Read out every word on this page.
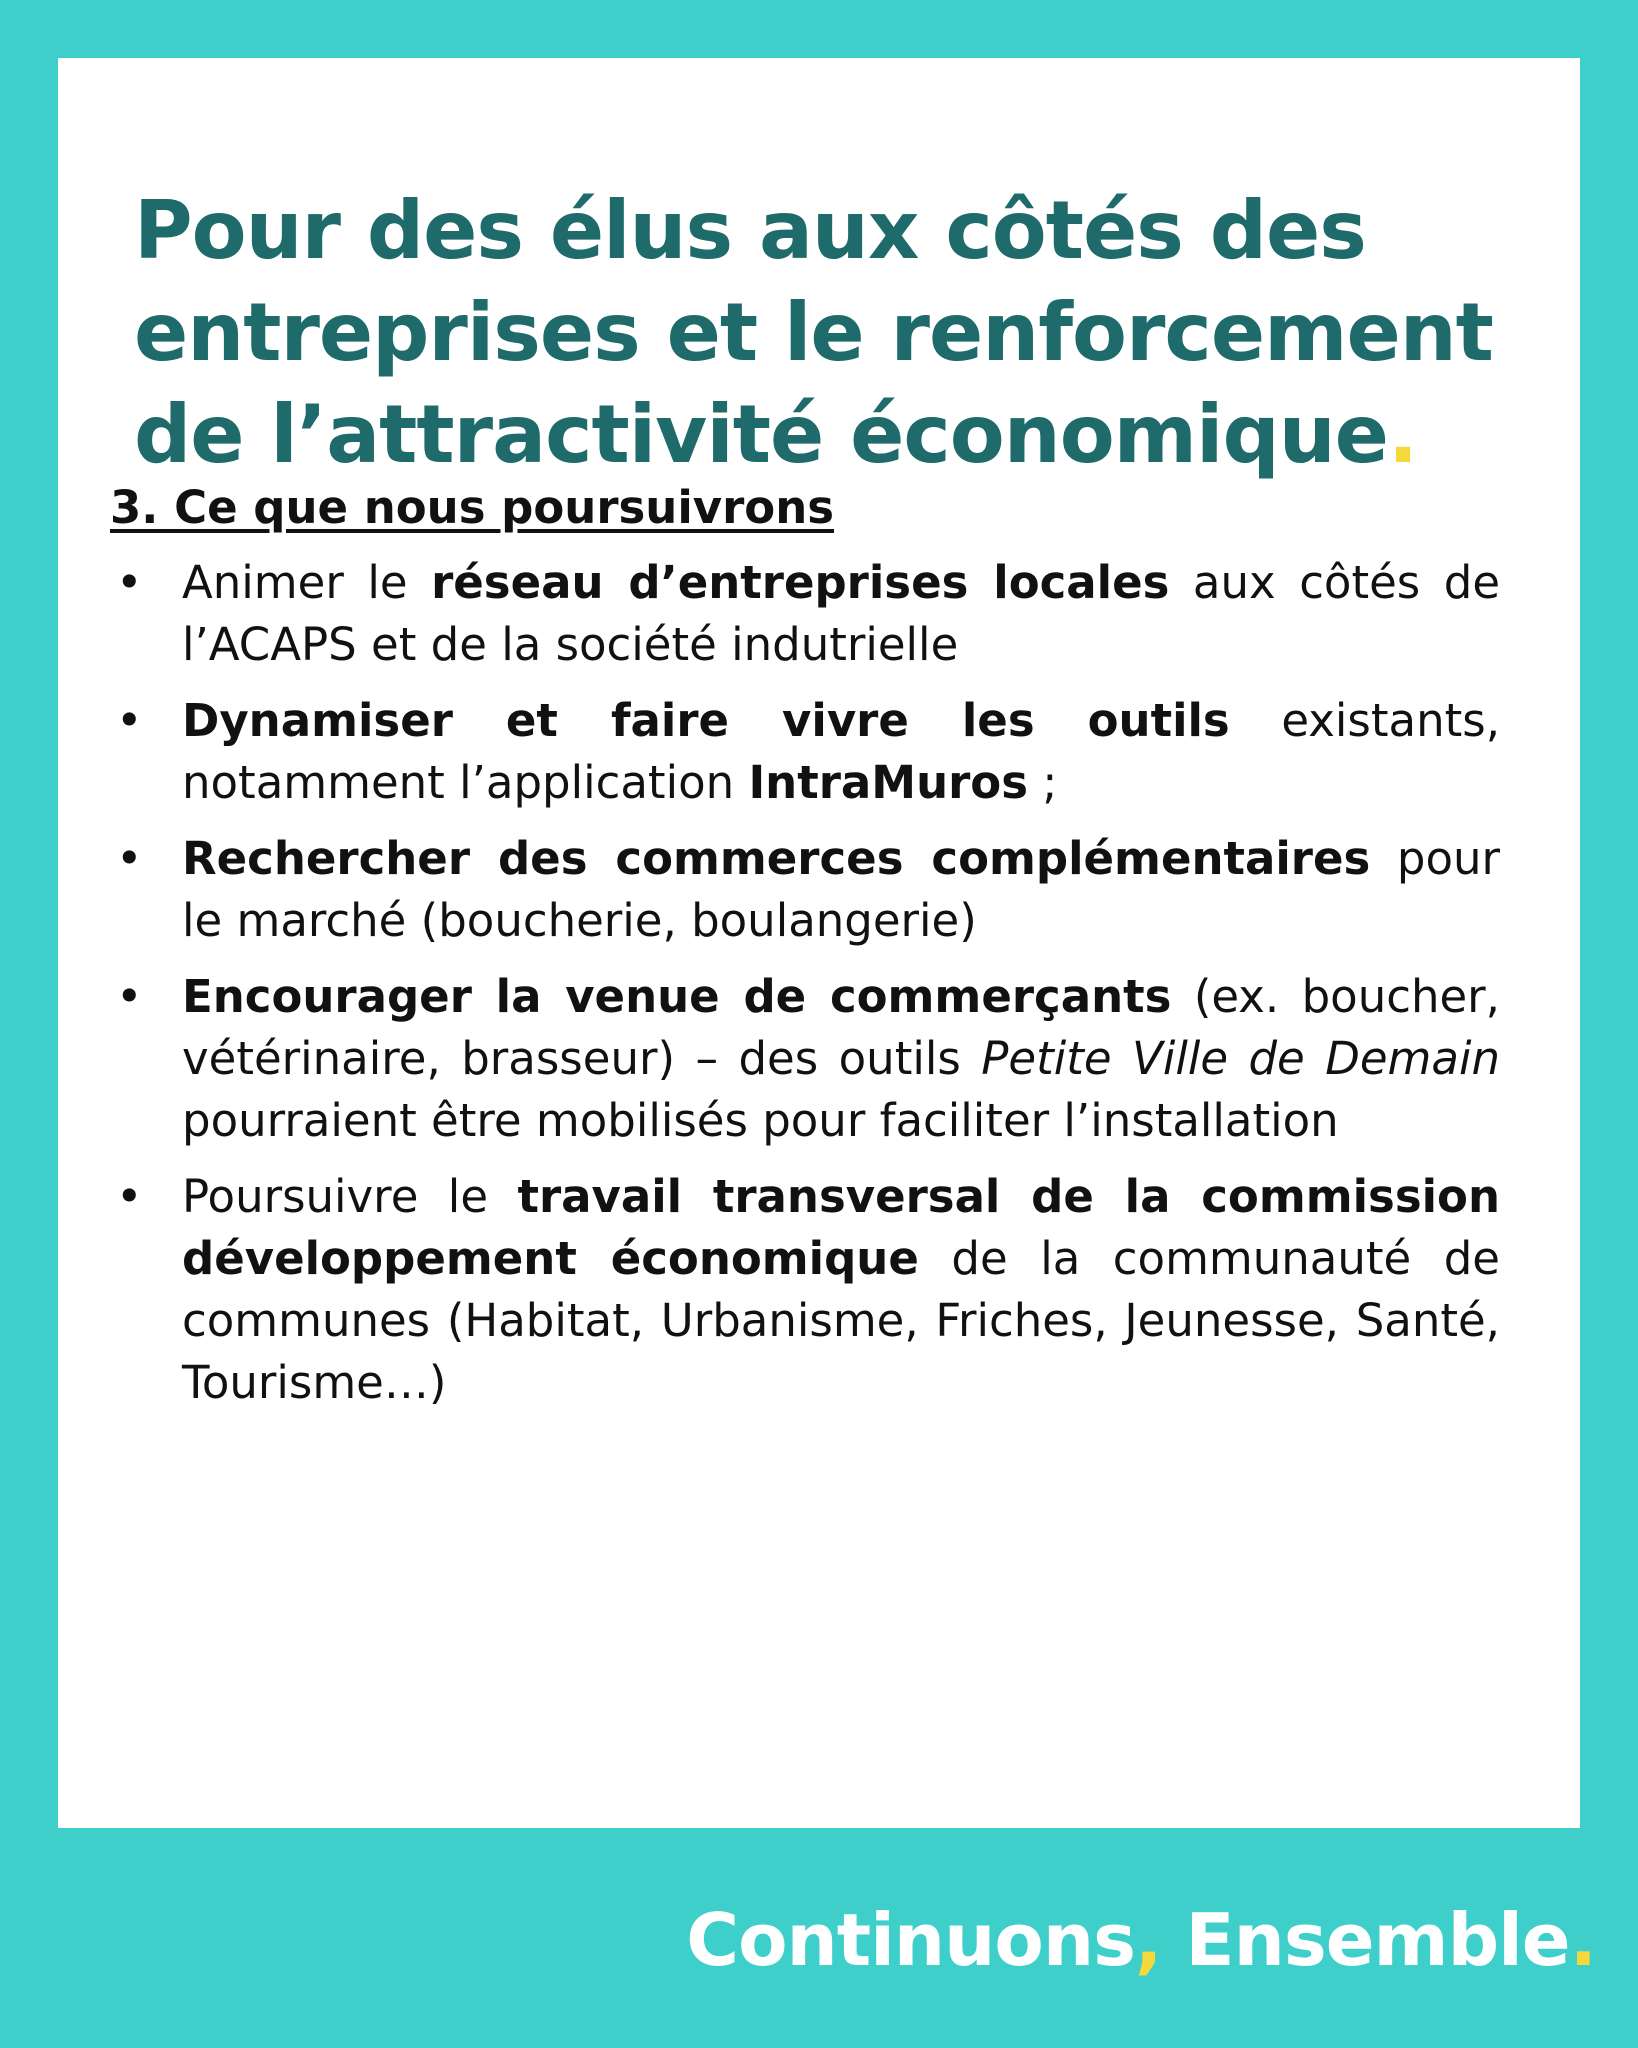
Pour des élus aux côtés des entreprises et le renforcement de l’attractivité économique.
3. Ce que nous poursuivrons
• Animer le réseau d’entreprises locales aux côtés de l’ACAPS et de la société indutrielle
• Dynamiser et faire vivre les outils existants, notamment l’application IntraMuros ;
• Rechercher des commerces complémentaires pour le marché (boucherie, boulangerie)
• Encourager la venue de commerçants (ex. boucher, vétérinaire, brasseur) – des outils Petite Ville de Demain pourraient être mobilisés pour faciliter l’installation
• Poursuivre le travail transversal de la commission développement économique de la communauté de communes (Habitat, Urbanisme, Friches, Jeunesse, Santé, Tourisme…)
Continuons, Ensemble.
